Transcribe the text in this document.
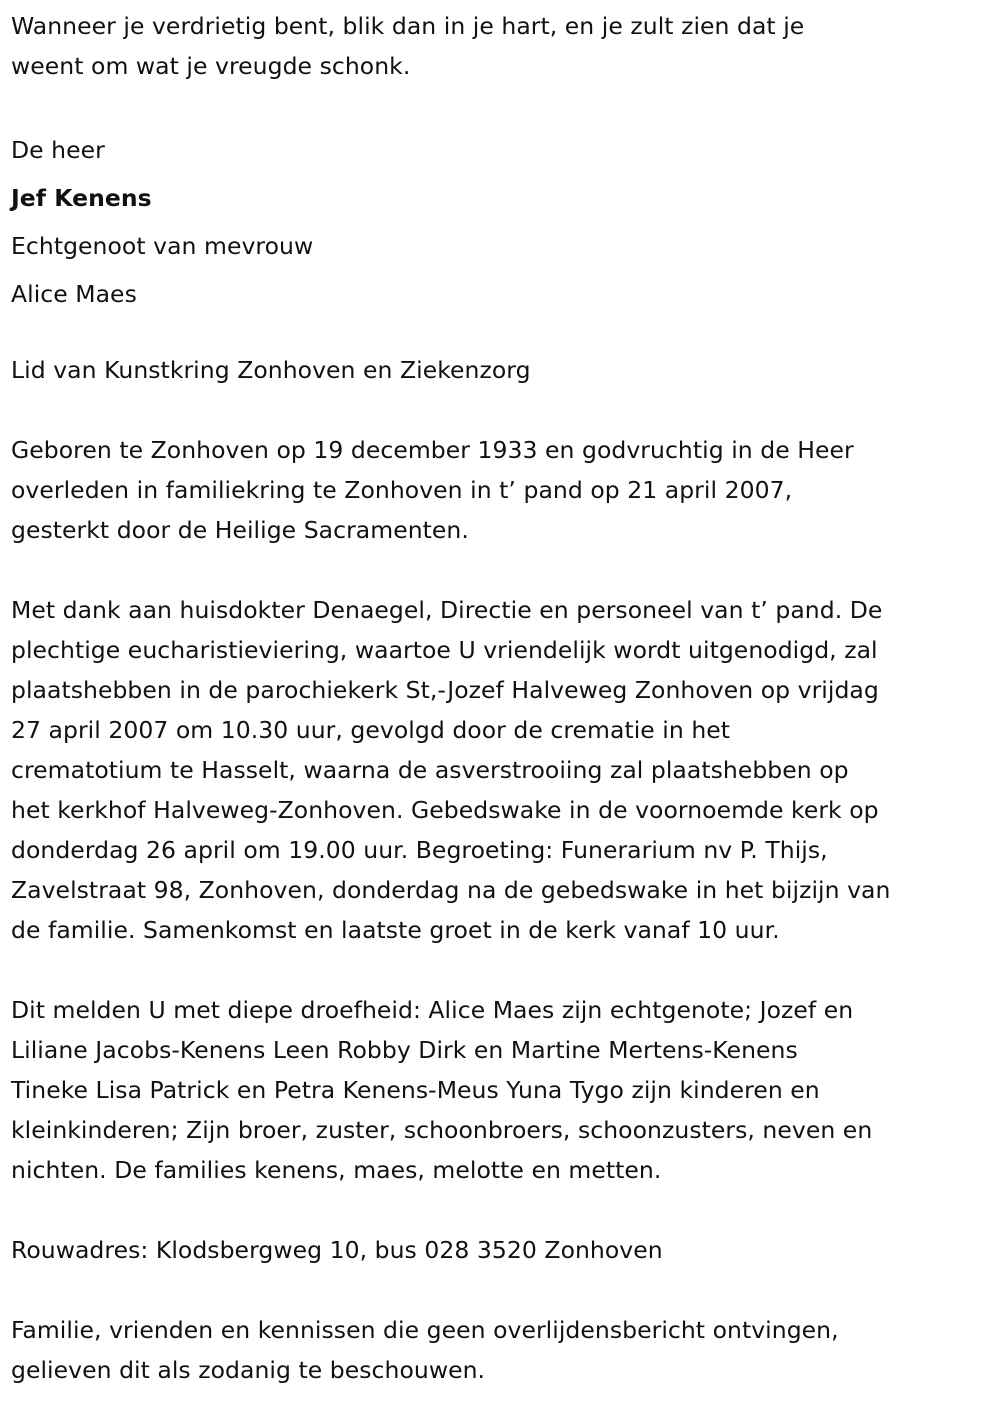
Wanneer je verdrietig bent, blik dan in je hart, en je zult zien dat je
weent om wat je vreugde schonk.
De heer
Jef Kenens
Echtgenoot van mevrouw
Alice Maes
Lid van Kunstkring Zonhoven en Ziekenzorg
Geboren te Zonhoven op 19 december 1933 en godvruchtig in de Heer
overleden in familiekring te Zonhoven in t’ pand op 21 april 2007,
gesterkt door de Heilige Sacramenten.
Met dank aan huisdokter Denaegel, Directie en personeel van t’ pand. De
plechtige eucharistieviering, waartoe U vriendelijk wordt uitgenodigd, zal
plaatshebben in de parochiekerk St,-Jozef Halveweg Zonhoven op vrijdag
27 april 2007 om 10.30 uur, gevolgd door de crematie in het
crematotium te Hasselt, waarna de asverstrooiing zal plaatshebben op
het kerkhof Halveweg-Zonhoven. Gebedswake in de voornoemde kerk op
donderdag 26 april om 19.00 uur. Begroeting: Funerarium nv P. Thijs,
Zavelstraat 98, Zonhoven, donderdag na de gebedswake in het bijzijn van
de familie. Samenkomst en laatste groet in de kerk vanaf 10 uur.
Dit melden U met diepe droefheid: Alice Maes zijn echtgenote; Jozef en
Liliane Jacobs-Kenens Leen Robby Dirk en Martine Mertens-Kenens
Tineke Lisa Patrick en Petra Kenens-Meus Yuna Tygo zijn kinderen en
kleinkinderen; Zijn broer, zuster, schoonbroers, schoonzusters, neven en
nichten. De families kenens, maes, melotte en metten.
Rouwadres: Klodsbergweg 10, bus 028 3520 Zonhoven
Familie, vrienden en kennissen die geen overlijdensbericht ontvingen,
gelieven dit als zodanig te beschouwen.
